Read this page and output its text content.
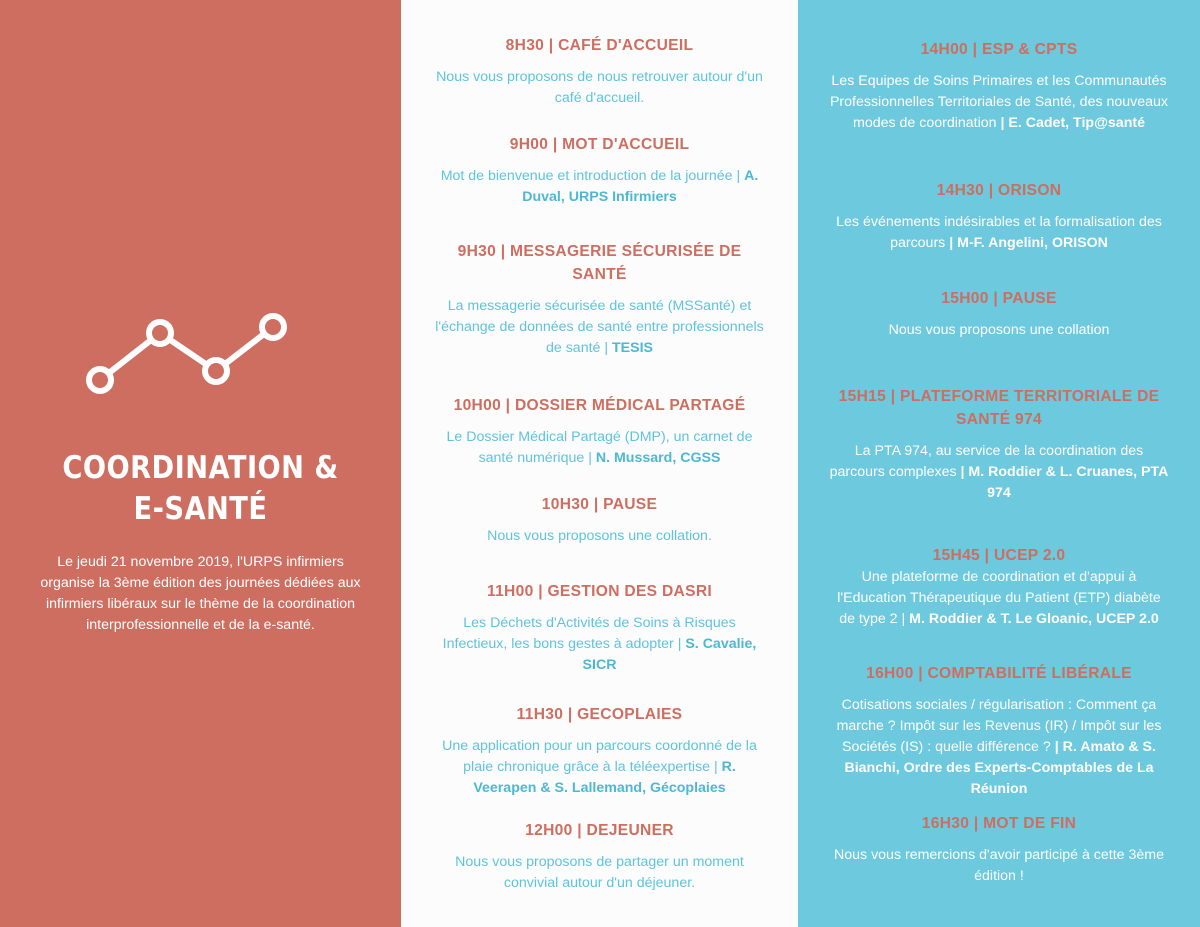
COORDINATION &
E-SANTÉ
Le jeudi 21 novembre 2019, l'URPS infirmiers organise la 3ème édition des journées dédiées aux infirmiers libéraux sur le thème de la coordination interprofessionnelle et de la e-santé.
8H30 | CAFÉ D'ACCUEIL
Nous vous proposons de nous retrouver autour d'un café d'accueil.
9H00 | MOT D'ACCUEIL
Mot de bienvenue et introduction de la journée | A. Duval, URPS Infirmiers
9H30 | MESSAGERIE SÉCURISÉE DE SANTÉ
La messagerie sécurisée de santé (MSSanté) et l'échange de données de santé entre professionnels de santé | TESIS
10H00 | DOSSIER MÉDICAL PARTAGÉ
Le Dossier Médical Partagé (DMP), un carnet de santé numérique | N. Mussard, CGSS
10H30 | PAUSE
Nous vous proposons une collation.
11H00 | GESTION DES DASRI
Les Déchets d'Activités de Soins à Risques Infectieux, les bons gestes à adopter | S. Cavalie, SICR
11H30 | GECOPLAIES
Une application pour un parcours coordonné de la plaie chronique grâce à la téléexpertise | R. Veerapen & S. Lallemand, Gécoplaies
12H00 | DEJEUNER
Nous vous proposons de partager un moment convivial autour d'un déjeuner.
14H00 | ESP & CPTS
Les Equipes de Soins Primaires et les Communautés Professionnelles Territoriales de Santé, des nouveaux modes de coordination | E. Cadet, Tip@santé
14H30 | ORISON
Les événements indésirables et la formalisation des parcours | M-F. Angelini, ORISON
15H00 | PAUSE
Nous vous proposons une collation
15H15 | PLATEFORME TERRITORIALE DE SANTÉ 974
La PTA 974, au service de la coordination des parcours complexes | M. Roddier & L. Cruanes, PTA 974
15H45 | UCEP 2.0
Une plateforme de coordination et d'appui à l'Education Thérapeutique du Patient (ETP) diabète de type 2 | M. Roddier & T. Le Gloanic, UCEP 2.0
16H00 | COMPTABILITÉ LIBÉRALE
Cotisations sociales / régularisation : Comment ça marche ? Impôt sur les Revenus (IR) / Impôt sur les Sociétés (IS) : quelle différence ? | R. Amato & S. Bianchi, Ordre des Experts-Comptables de La Réunion
16H30 | MOT DE FIN
Nous vous remercions d'avoir participé à cette 3ème édition !
